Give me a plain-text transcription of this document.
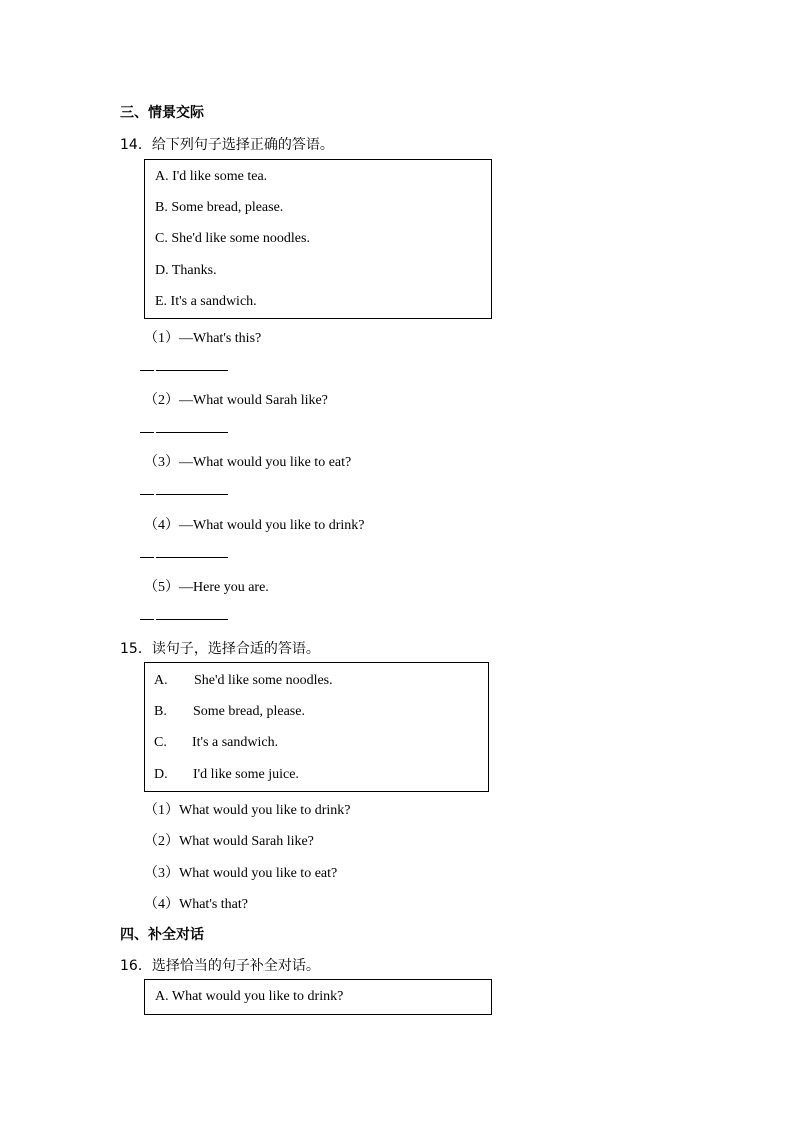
三、情景交际
14．给下列句子选择正确的答语。
A. I'd like some tea.
B. Some bread, please.
C. She'd like some noodles.
D. Thanks.
E. It's a sandwich.
（1）—What's this?
（2）—What would Sarah like?
（3）—What would you like to eat?
（4）—What would you like to drink?
（5）—Here you are.
15．读句子，选择合适的答语。
A. She'd like some noodles.
B. Some bread, please.
C. It's a sandwich.
D. I'd like some juice.
（1）What would you like to drink?
（2）What would Sarah like?
（3）What would you like to eat?
（4）What's that?
四、补全对话
16．选择恰当的句子补全对话。
A. What would you like to drink?
